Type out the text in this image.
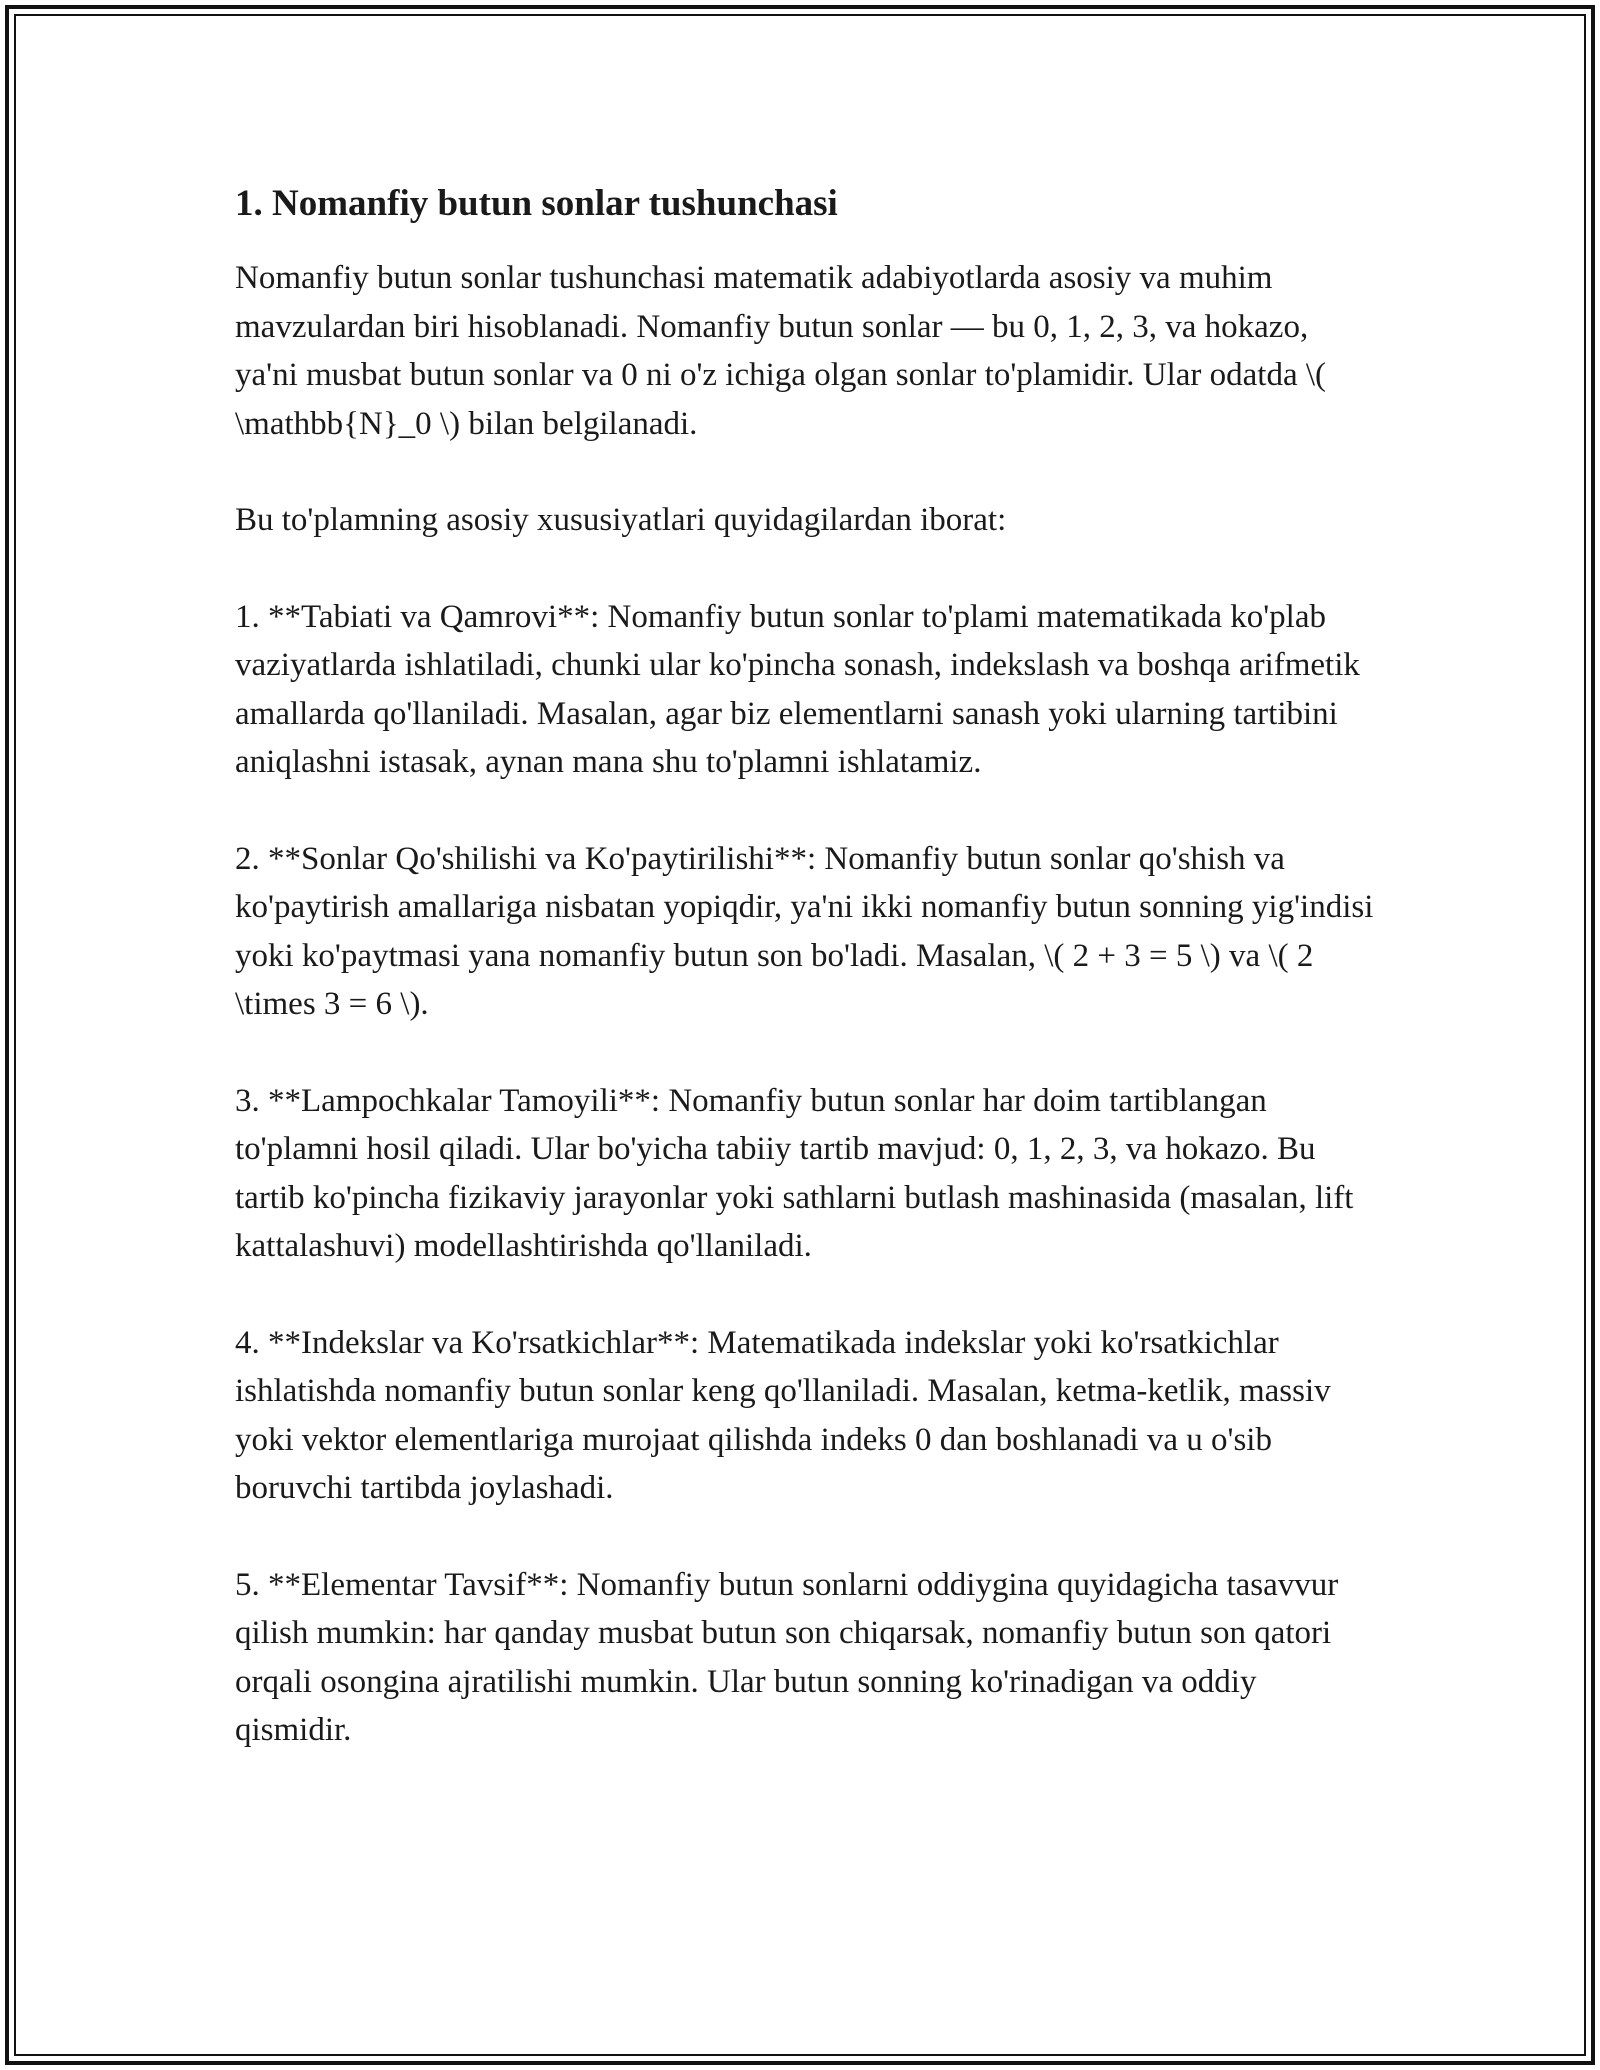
1. Nomanfiy butun sonlar tushunchasi

Nomanfiy butun sonlar tushunchasi matematik adabiyotlarda asosiy va muhim mavzulardan biri hisoblanadi. Nomanfiy butun sonlar — bu 0, 1, 2, 3, va hokazo, ya'ni musbat butun sonlar va 0 ni o'z ichiga olgan sonlar to'plamidir. Ular odatda \( \mathbb{N}_0 \) bilan belgilanadi.

Bu to'plamning asosiy xususiyatlari quyidagilardan iborat:

1. **Tabiati va Qamrovi**: Nomanfiy butun sonlar to'plami matematikada ko'plab vaziyatlarda ishlatiladi, chunki ular ko'pincha sonash, indekslash va boshqa arifmetik amallarda qo'llaniladi. Masalan, agar biz elementlarni sanash yoki ularning tartibini aniqlashni istasak, aynan mana shu to'plamni ishlatamiz.

2. **Sonlar Qo'shilishi va Ko'paytirilishi**: Nomanfiy butun sonlar qo'shish va ko'paytirish amallariga nisbatan yopiqdir, ya'ni ikki nomanfiy butun sonning yig'indisi yoki ko'paytmasi yana nomanfiy butun son bo'ladi. Masalan, \( 2 + 3 = 5 \) va \( 2 \times 3 = 6 \).

3. **Lampochkalar Tamoyili**: Nomanfiy butun sonlar har doim tartiblangan to'plamni hosil qiladi. Ular bo'yicha tabiiy tartib mavjud: 0, 1, 2, 3, va hokazo. Bu tartib ko'pincha fizikaviy jarayonlar yoki sathlarni butlash mashinasida (masalan, lift kattalashuvi) modellashtirishda qo'llaniladi.

4. **Indekslar va Ko'rsatkichlar**: Matematikada indekslar yoki ko'rsatkichlar ishlatishda nomanfiy butun sonlar keng qo'llaniladi. Masalan, ketma-ketlik, massiv yoki vektor elementlariga murojaat qilishda indeks 0 dan boshlanadi va u o'sib boruvchi tartibda joylashadi.

5. **Elementar Tavsif**: Nomanfiy butun sonlarni oddiygina quyidagicha tasavvur qilish mumkin: har qanday musbat butun son chiqarsak, nomanfiy butun son qatori orqali osongina ajratilishi mumkin. Ular butun sonning ko'rinadigan va oddiy qismidir.
